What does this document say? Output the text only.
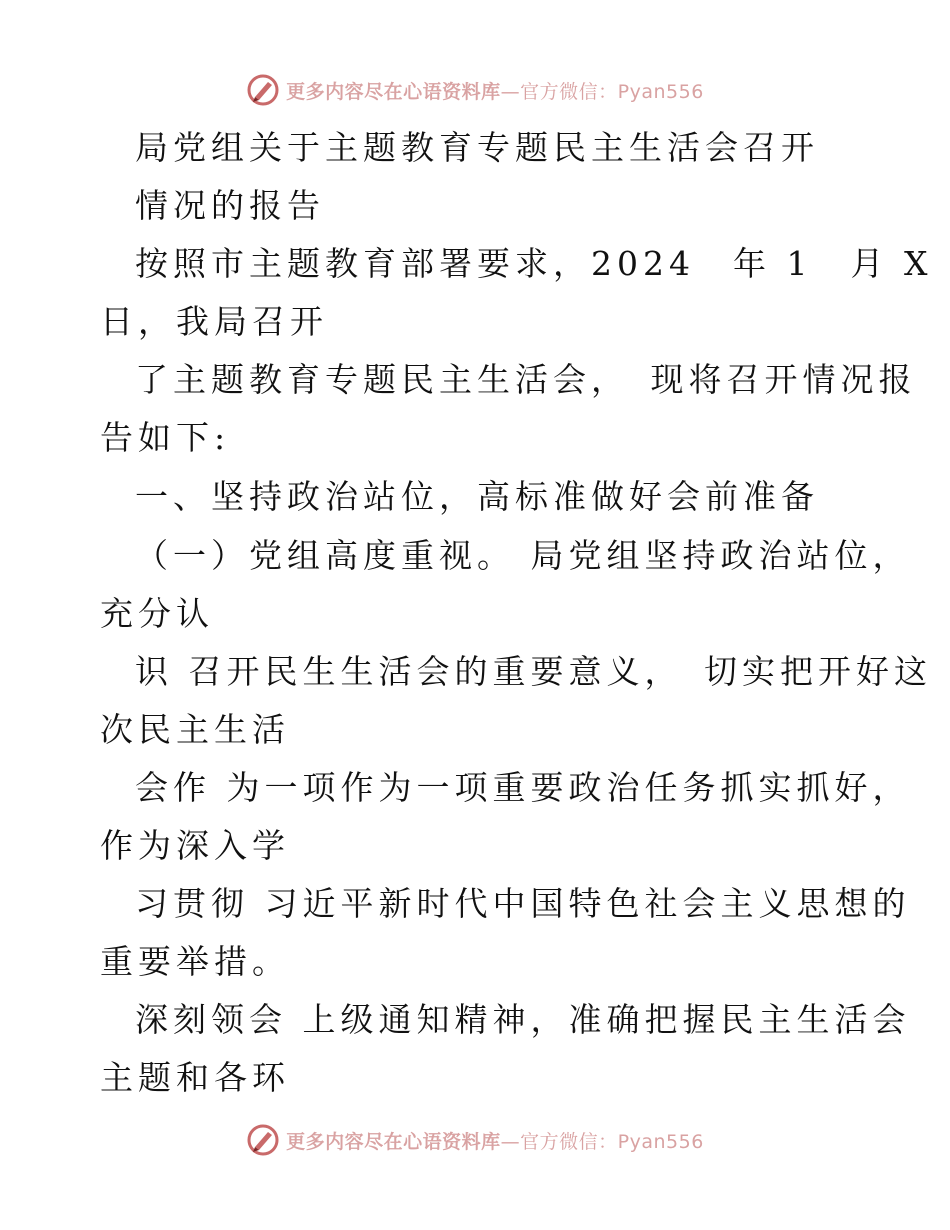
更多内容尽在心语资料库—官方微信：Pyan556
局党组关于主题教育专题民主生活会召开
情况的报告
按照市主题教育部署要求，2024　年 1　月 X
日，我局召开
了主题教育专题民主生活会，　现将召开情况报
告如下:
一、坚持政治站位，高标准做好会前准备
（一）党组高度重视。 局党组坚持政治站位，
充分认
识 召开民生生活会的重要意义，　切实把开好这
次民主生活
会作 为一项作为一项重要政治任务抓实抓好，
作为深入学
习贯彻 习近平新时代中国特色社会主义思想的
重要举措。
深刻领会 上级通知精神，准确把握民主生活会
主题和各环
更多内容尽在心语资料库—官方微信：Pyan556
